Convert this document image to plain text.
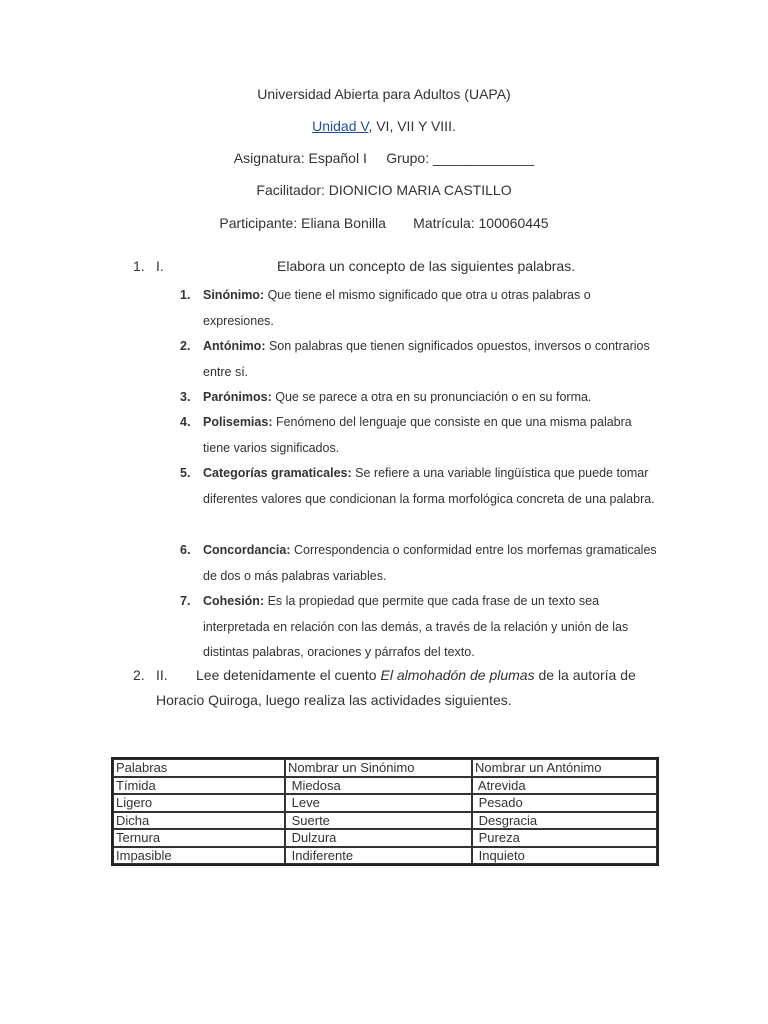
Universidad Abierta para Adultos (UAPA)

Unidad V, VI, VII Y VIII.

Asignatura: Español I     Grupo: _____________

Facilitador: DIONICIO MARIA CASTILLO

Participante: Eliana Bonilla       Matrícula: 100060445

1. I.	Elabora un concepto de las siguientes palabras.
1. Sinónimo: Que tiene el mismo significado que otra u otras palabras o expresiones.
2. Antónimo: Son palabras que tienen significados opuestos, inversos o contrarios entre sí.
3. Parónimos: Que se parece a otra en su pronunciación o en su forma.
4. Polisemias: Fenómeno del lenguaje que consiste en que una misma palabra tiene varios significados.
5. Categorías gramaticales: Se refiere a una variable lingüística que puede tomar diferentes valores que condicionan la forma morfológica concreta de una palabra.
6. Concordancia: Correspondencia o conformidad entre los morfemas gramaticales de dos o más palabras variables.
7. Cohesión: Es la propiedad que permite que cada frase de un texto sea interpretada en relación con las demás, a través de la relación y unión de las distintas palabras, oraciones y párrafos del texto.
2. II. Lee detenidamente el cuento El almohadón de plumas de la autoría de
Horacio Quiroga, luego realiza las actividades siguientes.
Palabras	Nombrar un Sinónimo	Nombrar un Antónimo
Tímida	Miedosa	Atrevida
Ligero	Leve	Pesado
Dicha	Suerte	Desgracia
Ternura	Dulzura	Pureza
Impasible	Indiferente	Inquieto
